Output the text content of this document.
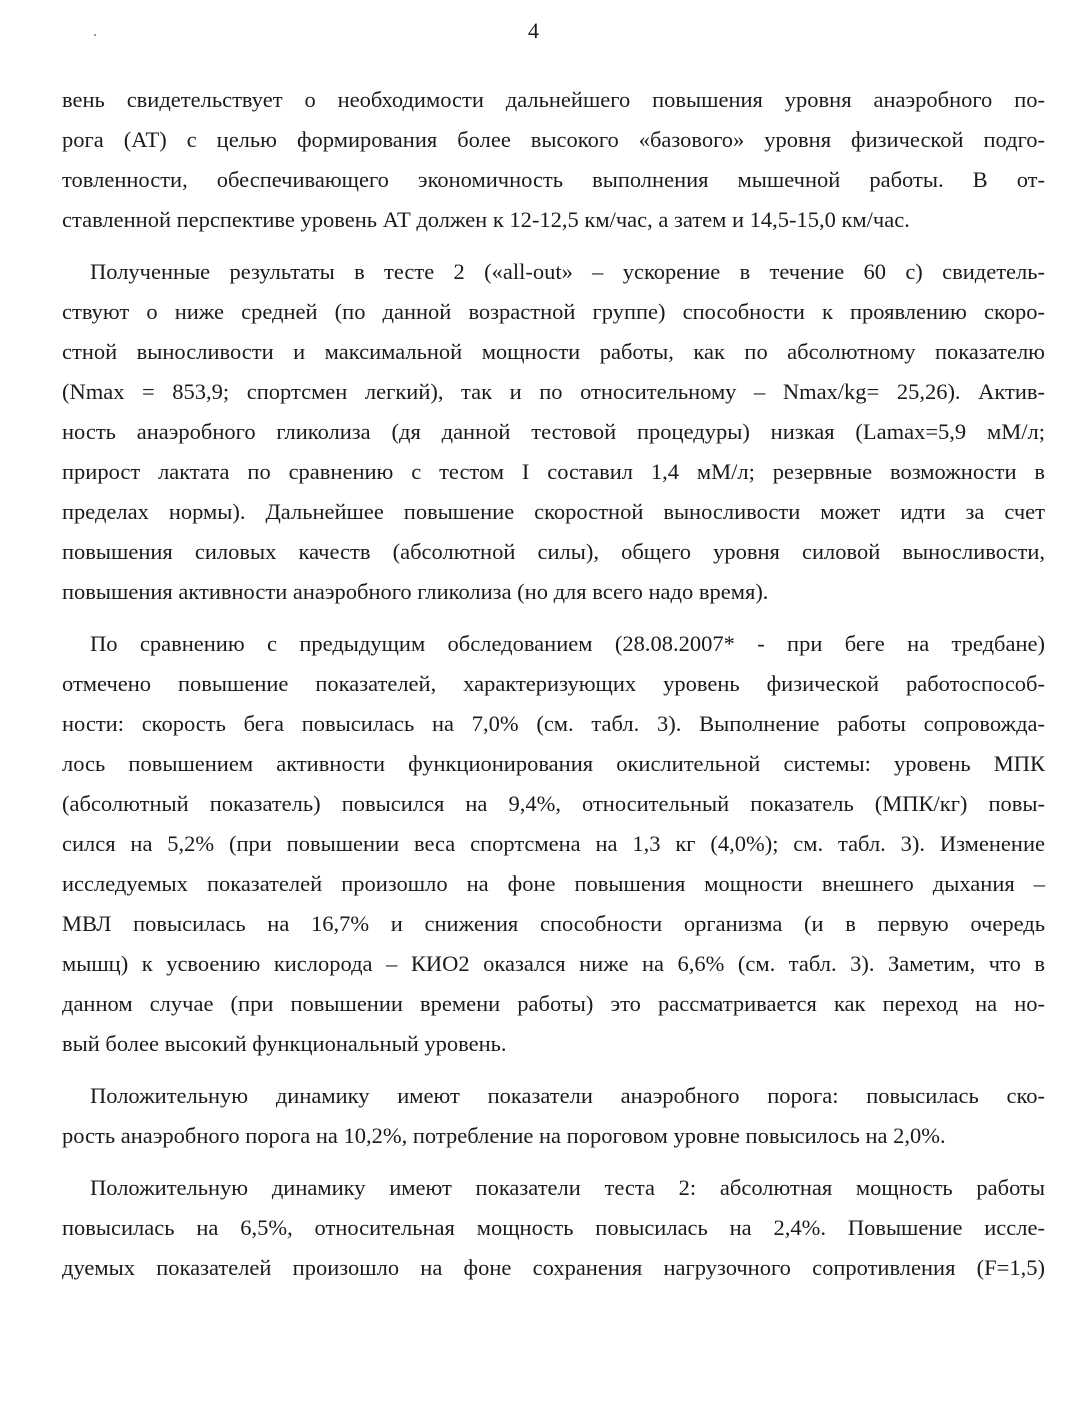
4
вень свидетельствует о необходимости дальнейшего повышения уровня анаэробного по-
рога (АТ) с целью формирования более высокого «базового» уровня физической подго-
товленности, обеспечивающего экономичность выполнения мышечной работы. В от-
ставленной перспективе уровень АТ должен к 12-12,5 км/час, а затем и 14,5-15,0 км/час.
Полученные результаты в тесте 2 («all-out» – ускорение в течение 60 с) свидетель-
ствуют о ниже средней (по данной возрастной группе) способности к проявлению скоро-
стной выносливости и максимальной мощности работы, как по абсолютному показателю
(Nmax = 853,9; спортсмен легкий), так и по относительному – Nmax/kg= 25,26). Актив-
ность анаэробного гликолиза (дя данной тестовой процедуры) низкая (Lamax=5,9 мМ/л;
прирост лактата по сравнению с тестом I составил 1,4 мМ/л; резервные возможности в
пределах нормы). Дальнейшее повышение скоростной выносливости может идти за счет
повышения силовых качеств (абсолютной силы), общего уровня силовой выносливости,
повышения активности анаэробного гликолиза (но для всего надо время).
По сравнению с предыдущим обследованием (28.08.2007* - при беге на тредбане)
отмечено повышение показателей, характеризующих уровень физической работоспособ-
ности: скорость бега повысилась на 7,0% (см. табл. 3). Выполнение работы сопровожда-
лось повышением активности функционирования окислительной системы: уровень МПК
(абсолютный показатель) повысился на 9,4%, относительный показатель (МПК/кг) повы-
сился на 5,2% (при повышении веса спортсмена на 1,3 кг (4,0%); см. табл. 3). Изменение
исследуемых показателей произошло на фоне повышения мощности внешнего дыхания –
МВЛ повысилась на 16,7% и снижения способности организма (и в первую очередь
мышц) к усвоению кислорода – КИО2 оказался ниже на 6,6% (см. табл. 3). Заметим, что в
данном случае (при повышении времени работы) это рассматривается как переход на но-
вый более высокий функциональный уровень.
Положительную динамику имеют показатели анаэробного порога: повысилась ско-
рость анаэробного порога на 10,2%, потребление на пороговом уровне повысилось на 2,0%.
Положительную динамику имеют показатели теста 2: абсолютная мощность работы
повысилась на 6,5%, относительная мощность повысилась на 2,4%. Повышение иссле-
дуемых показателей произошло на фоне сохранения нагрузочного сопротивления (F=1,5)
